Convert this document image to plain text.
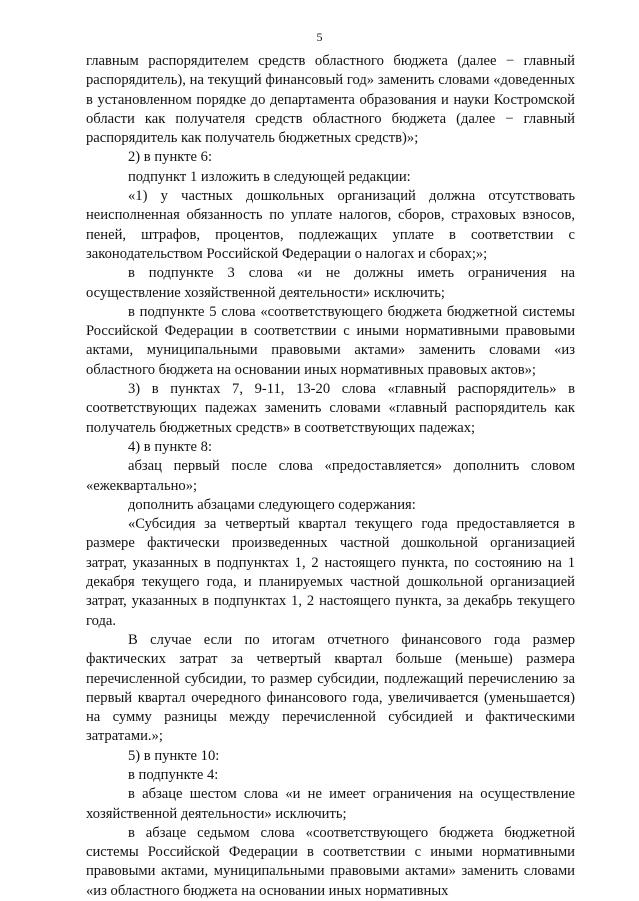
5

главным распорядителем средств областного бюджета (далее − главный распорядитель), на текущий финансовый год» заменить словами «доведенных в установленном порядке до департамента образования и науки Костромской области как получателя средств областного бюджета (далее − главный распорядитель как получатель бюджетных средств)»;

2) в пункте 6:

подпункт 1 изложить в следующей редакции:

«1) у частных дошкольных организаций должна отсутствовать неисполненная обязанность по уплате налогов, сборов, страховых взносов, пеней, штрафов, процентов, подлежащих уплате в соответствии с законодательством Российской Федерации о налогах и сборах;»;

в подпункте 3 слова «и не должны иметь ограничения на осуществление хозяйственной деятельности» исключить;

в подпункте 5 слова «соответствующего бюджета бюджетной системы Российской Федерации в соответствии с иными нормативными правовыми актами, муниципальными правовыми актами» заменить словами «из областного бюджета на основании иных нормативных правовых актов»;

3) в пунктах 7, 9-11, 13-20 слова «главный распорядитель» в соответствующих падежах заменить словами «главный распорядитель как получатель бюджетных средств» в соответствующих падежах;

4) в пункте 8:

абзац первый после слова «предоставляется» дополнить словом «ежеквартально»;

дополнить абзацами следующего содержания:

«Субсидия за четвертый квартал текущего года предоставляется в размере фактически произведенных частной дошкольной организацией затрат, указанных в подпунктах 1, 2 настоящего пункта, по состоянию на 1 декабря текущего года, и планируемых частной дошкольной организацией затрат, указанных в подпунктах 1, 2 настоящего пункта, за декабрь текущего года.

В случае если по итогам отчетного финансового года размер фактических затрат за четвертый квартал больше (меньше) размера перечисленной субсидии, то размер субсидии, подлежащий перечислению за первый квартал очередного финансового года, увеличивается (уменьшается) на сумму разницы между перечисленной субсидией и фактическими затратами.»;

5) в пункте 10:

в подпункте 4:

в абзаце шестом слова «и не имеет ограничения на осуществление хозяйственной деятельности» исключить;

в абзаце седьмом слова «соответствующего бюджета бюджетной системы Российской Федерации в соответствии с иными нормативными правовыми актами, муниципальными правовыми актами» заменить словами «из областного бюджета на основании иных нормативных
